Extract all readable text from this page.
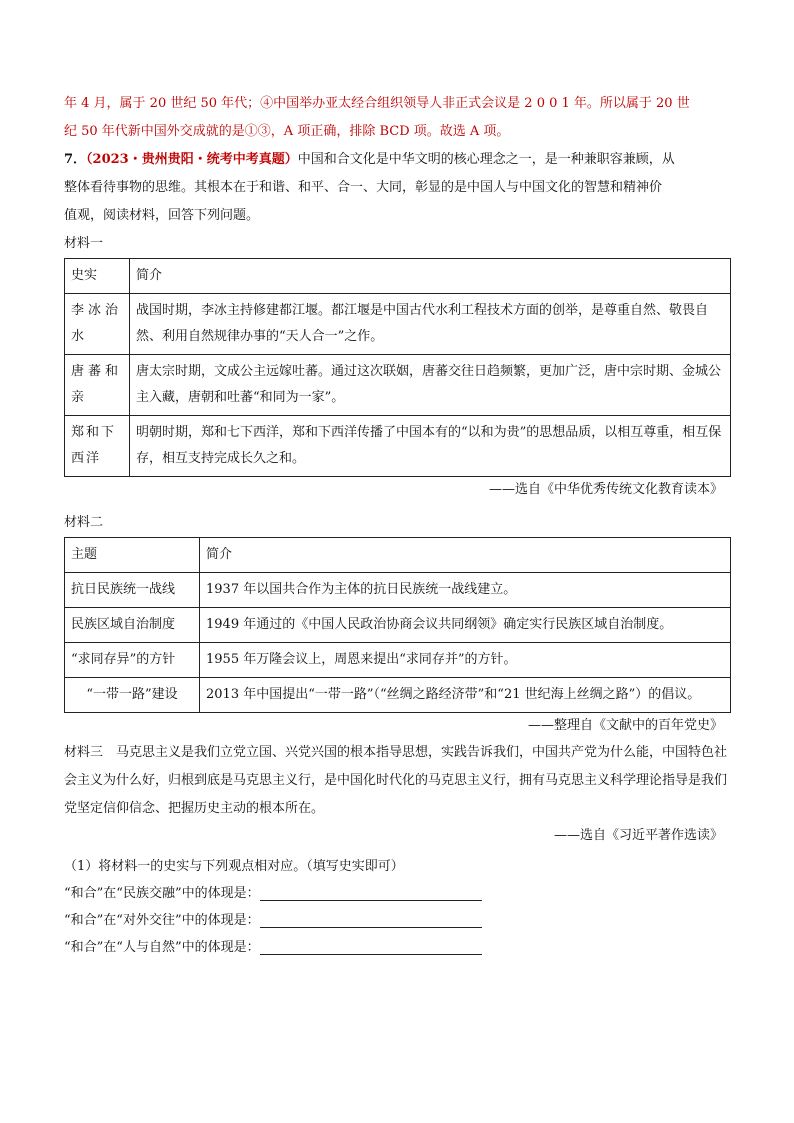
年 4 月，属于 20 世纪 50 年代；④中国举办亚太经合组织领导人非正式会议是 2 0 0 1 年。所以属于 20 世
纪 50 年代新中国外交成就的是①③，A 项正确，排除 BCD 项。故选 A 项。
7．（2023・贵州贵阳・统考中考真题）中国和合文化是中华文明的核心理念之一，是一种兼职容兼顾，从
整体看待事物的思维。其根本在于和谐、和平、合一、大同，彰显的是中国人与中国文化的智慧和精神价
值观，阅读材料，回答下列问题。
材料一
史实	简介
李冰治水	战国时期，李冰主持修建都江堰。都江堰是中国古代水利工程技术方面的创举，是尊重自然、敬畏自然、利用自然规律办事的“天人合一”之作。
唐蕃和亲	唐太宗时期，文成公主远嫁吐蕃。通过这次联姻，唐蕃交往日趋频繁，更加广泛，唐中宗时期、金城公主入藏，唐朝和吐蕃“和同为一家”。
郑和下西洋	明朝时期，郑和七下西洋，郑和下西洋传播了中国本有的“以和为贵”的思想品质，以相互尊重，相互保存，相互支持完成长久之和。
——选自《中华优秀传统文化教育读本》
材料二
主题	简介
抗日民族统一战线	1937 年以国共合作为主体的抗日民族统一战线建立。
民族区域自治制度	1949 年通过的《中国人民政治协商会议共同纲领》确定实行民族区域自治制度。
“求同存异”的方针	1955 年万隆会议上，周恩来提出“求同存并”的方针。
“一带一路”建设	2013 年中国提出“一带一路”（“丝绸之路经济带”和“21 世纪海上丝绸之路”）的倡议。
——整理自《文献中的百年党史》
材料三　 马克思主义是我们立党立国、兴党兴国的根本指导思想，实践告诉我们，中国共产党为什么能，中国特色社会主义为什么好，归根到底是马克思主义行，是中国化时代化的马克思主义行，拥有马克思主义科学理论指导是我们党坚定信仰信念、把握历史主动的根本所在。
——选自《习近平著作选读》
（1）将材料一的史实与下列观点相对应。（填写史实即可）
“和合”在“民族交融”中的体现是：
“和合”在“对外交往”中的体现是：
“和合”在“人与自然”中的体现是：
